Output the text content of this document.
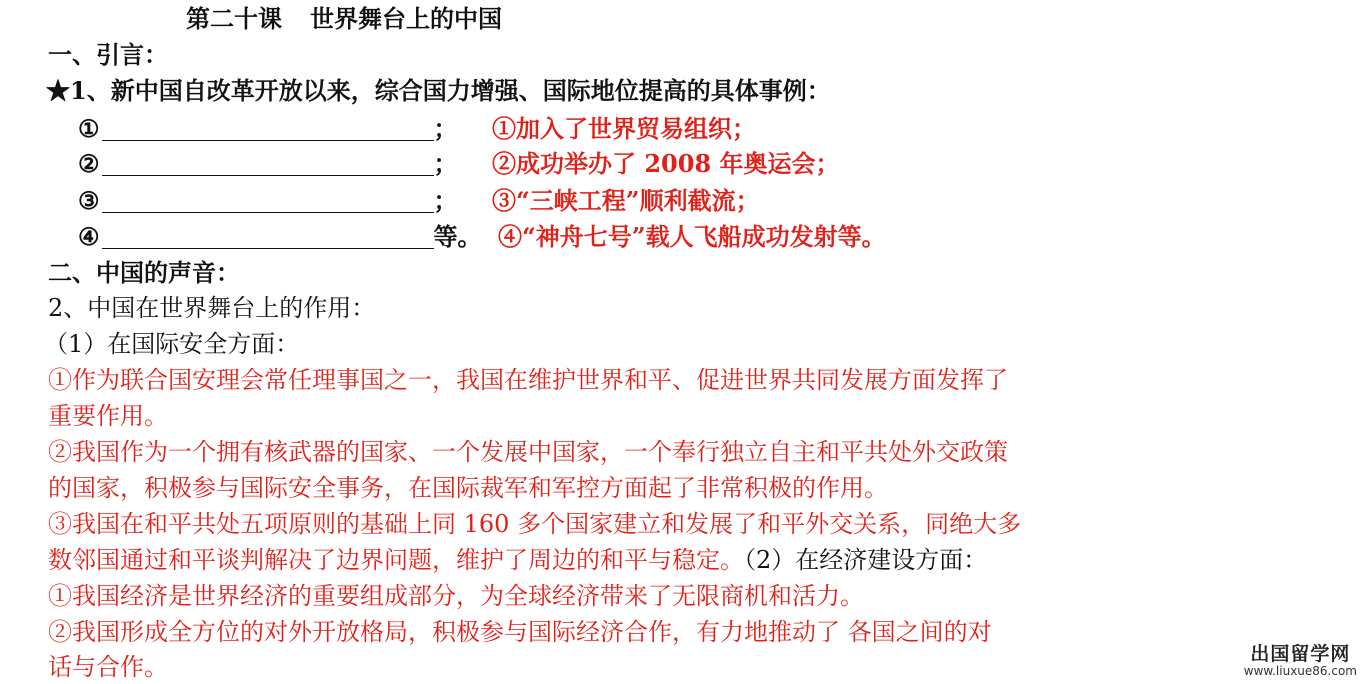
第二十课 世界舞台上的中国
一、引言：
★1、新中国自改革开放以来，综合国力增强、国际地位提高的具体事例：
①	；	①加入了世界贸易组织；
②	；	②成功举办了 2008 年奥运会；
③	；	③“三峡工程”顺利截流；
④	等。 ④“神舟七号”载人飞船成功发射等。
二、中国的声音：
2、中国在世界舞台上的作用：
（1）在国际安全方面：
①作为联合国安理会常任理事国之一，我国在维护世界和平、促进世界共同发展方面发挥了
重要作用。
②我国作为一个拥有核武器的国家、一个发展中国家，一个奉行独立自主和平共处外交政策
的国家，积极参与国际安全事务，在国际裁军和军控方面起了非常积极的作用。
③我国在和平共处五项原则的基础上同 160 多个国家建立和发展了和平外交关系，同绝大多
数邻国通过和平谈判解决了边界问题，维护了周边的和平与稳定。（2）在经济建设方面：
①我国经济是世界经济的重要组成部分，为全球经济带来了无限商机和活力。
②我国形成全方位的对外开放格局，积极参与国际经济合作，有力地推动了 各国之间的对
话与合作。	出国留学网
www.liuxue86.com
